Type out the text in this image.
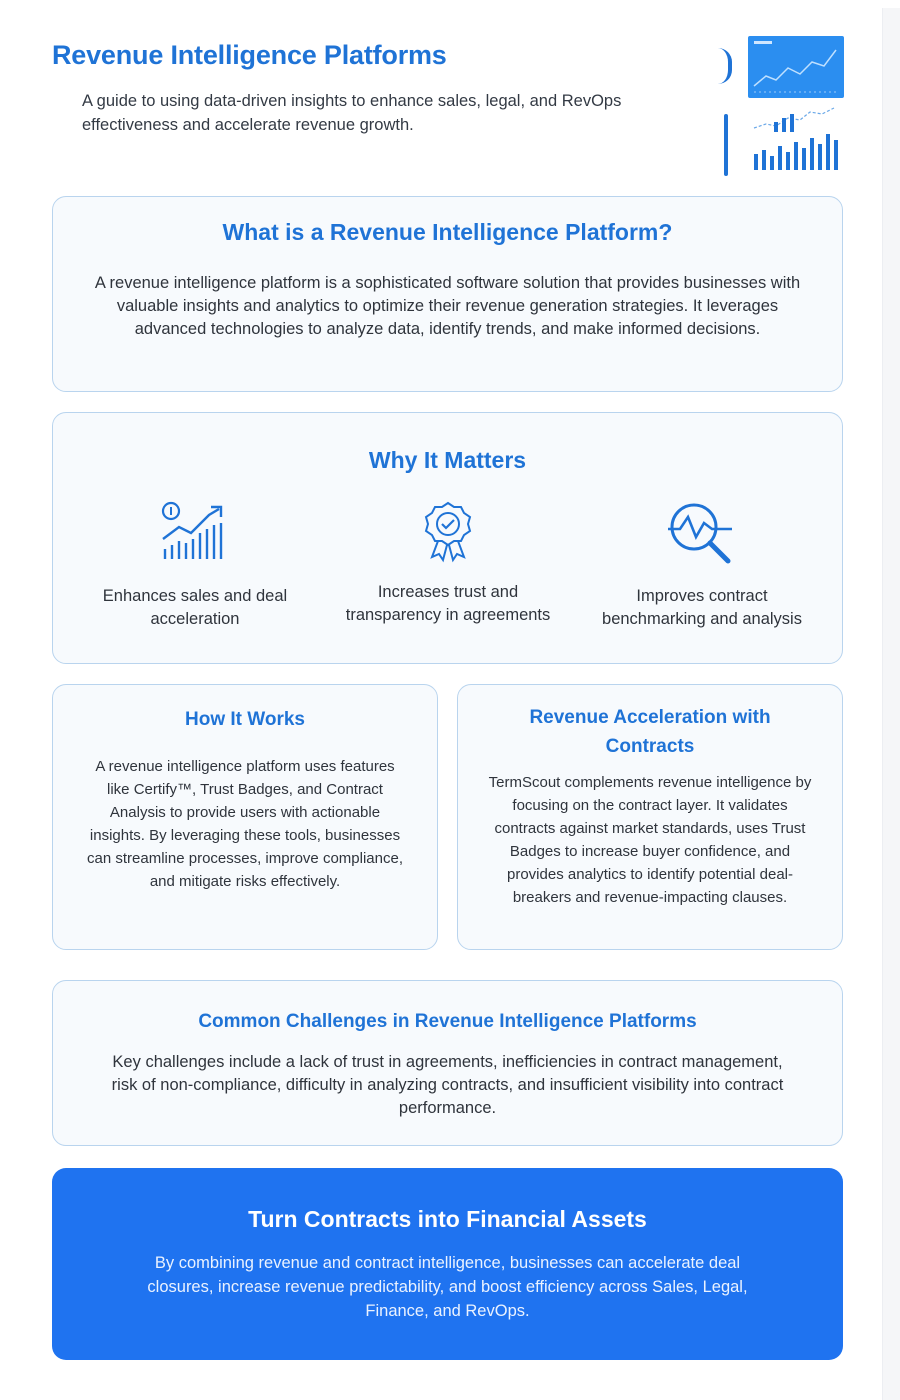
Revenue Intelligence Platforms

A guide to using data-driven insights to enhance sales, legal, and RevOps effectiveness and accelerate revenue growth.

What is a Revenue Intelligence Platform?

A revenue intelligence platform is a sophisticated software solution that provides businesses with valuable insights and analytics to optimize their revenue generation strategies. It leverages advanced technologies to analyze data, identify trends, and make informed decisions.

Why It Matters

Enhances sales and deal acceleration

Increases trust and transparency in agreements

Improves contract benchmarking and analysis

How It Works

A revenue intelligence platform uses features like Certify™, Trust Badges, and Contract Analysis to provide users with actionable insights. By leveraging these tools, businesses can streamline processes, improve compliance, and mitigate risks effectively.

Revenue Acceleration with Contracts

TermScout complements revenue intelligence by focusing on the contract layer. It validates contracts against market standards, uses Trust Badges to increase buyer confidence, and provides analytics to identify potential deal-breakers and revenue-impacting clauses.

Common Challenges in Revenue Intelligence Platforms

Key challenges include a lack of trust in agreements, inefficiencies in contract management, risk of non-compliance, difficulty in analyzing contracts, and insufficient visibility into contract performance.

Turn Contracts into Financial Assets

By combining revenue and contract intelligence, businesses can accelerate deal closures, increase revenue predictability, and boost efficiency across Sales, Legal, Finance, and RevOps.
